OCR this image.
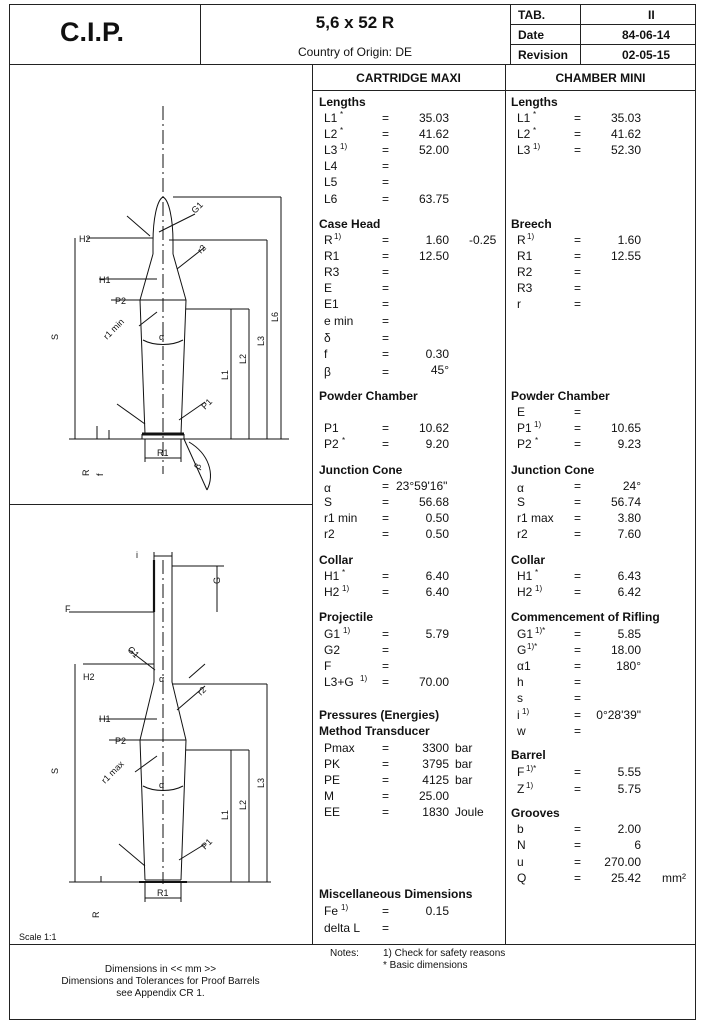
C.I.P.	5,6 x 52 R
Country of Origin: DE
TAB.	II
Date	84-06-14
Revision	02-05-15
CARTRIDGE MAXI	CHAMBER MINI
Lengths
L1 *	=	35.03
L2 *	=	41.62
L3 1)	=	52.00
L4	=
L5	=
L6	=	63.75
Case Head
R 1)	=	1.60 -0.25
R1	=	12.50
R3	=
E	=
E1	=
e min =
δ	=
f	=	0.30
β	=	45°
Powder Chamber
P1	=	10.62
P2 *	=	9.20
Junction Cone
α	= 23°59'16"
S	=	56.68
r1 min =	0.50
r2	=	0.50
Collar
H1 *	=	6.40
H2 1)	=	6.40
Projectile
G1 1)	=	5.79
G2	=
F	=
L3+G 1) =	70.00
Pressures (Energies)
Method Transducer
Pmax =	3300 bar
PK	=	3795 bar
PE	=	4125 bar
M	=	25.00
EE	=	1830 Joule
Miscellaneous Dimensions
Fe 1)	=	0.15
delta L =
Lengths
L1 *	=	35.03
L2 *	=	41.62
L3 1)	=	52.30
Breech
R 1)	=	1.60
R1	=	12.55
R2	=
R3	=
r	=
Powder Chamber
E	=
P1 1)	=	10.65
P2 *	=	9.23
Junction Cone
α	=	24°
S	=	56.74
r1 max =	3.80
r2	=	7.60
Collar
H1 *	=	6.43
H2 1)	=	6.42
Commencement of Rifling
G1 1)* =	5.85
G 1)*	=	18.00
α1	=	180°
h	=
s	=
i 1)	=	0°28'39"
w	=
Barrel
F 1)*	=	5.55
Z 1)	=	5.75
Grooves
b	=	2.00
N	=	6
u	=	270.00
Q	=	25.42 mm²
G1
H2
r2
H1
P2
r1 min	α
S
L6
L3
L2
L1
P1
R1
β
R f
i
G
F
G1
H2	α
r2
H1
P2
r1 max	α
S
L3
L2
L1
P1
R1
R
Scale 1:1
Dimensions in << mm >>
Dimensions and Tolerances for Proof Barrels
see Appendix CR 1.
Notes: 1) Check for safety reasons
* Basic dimensions
